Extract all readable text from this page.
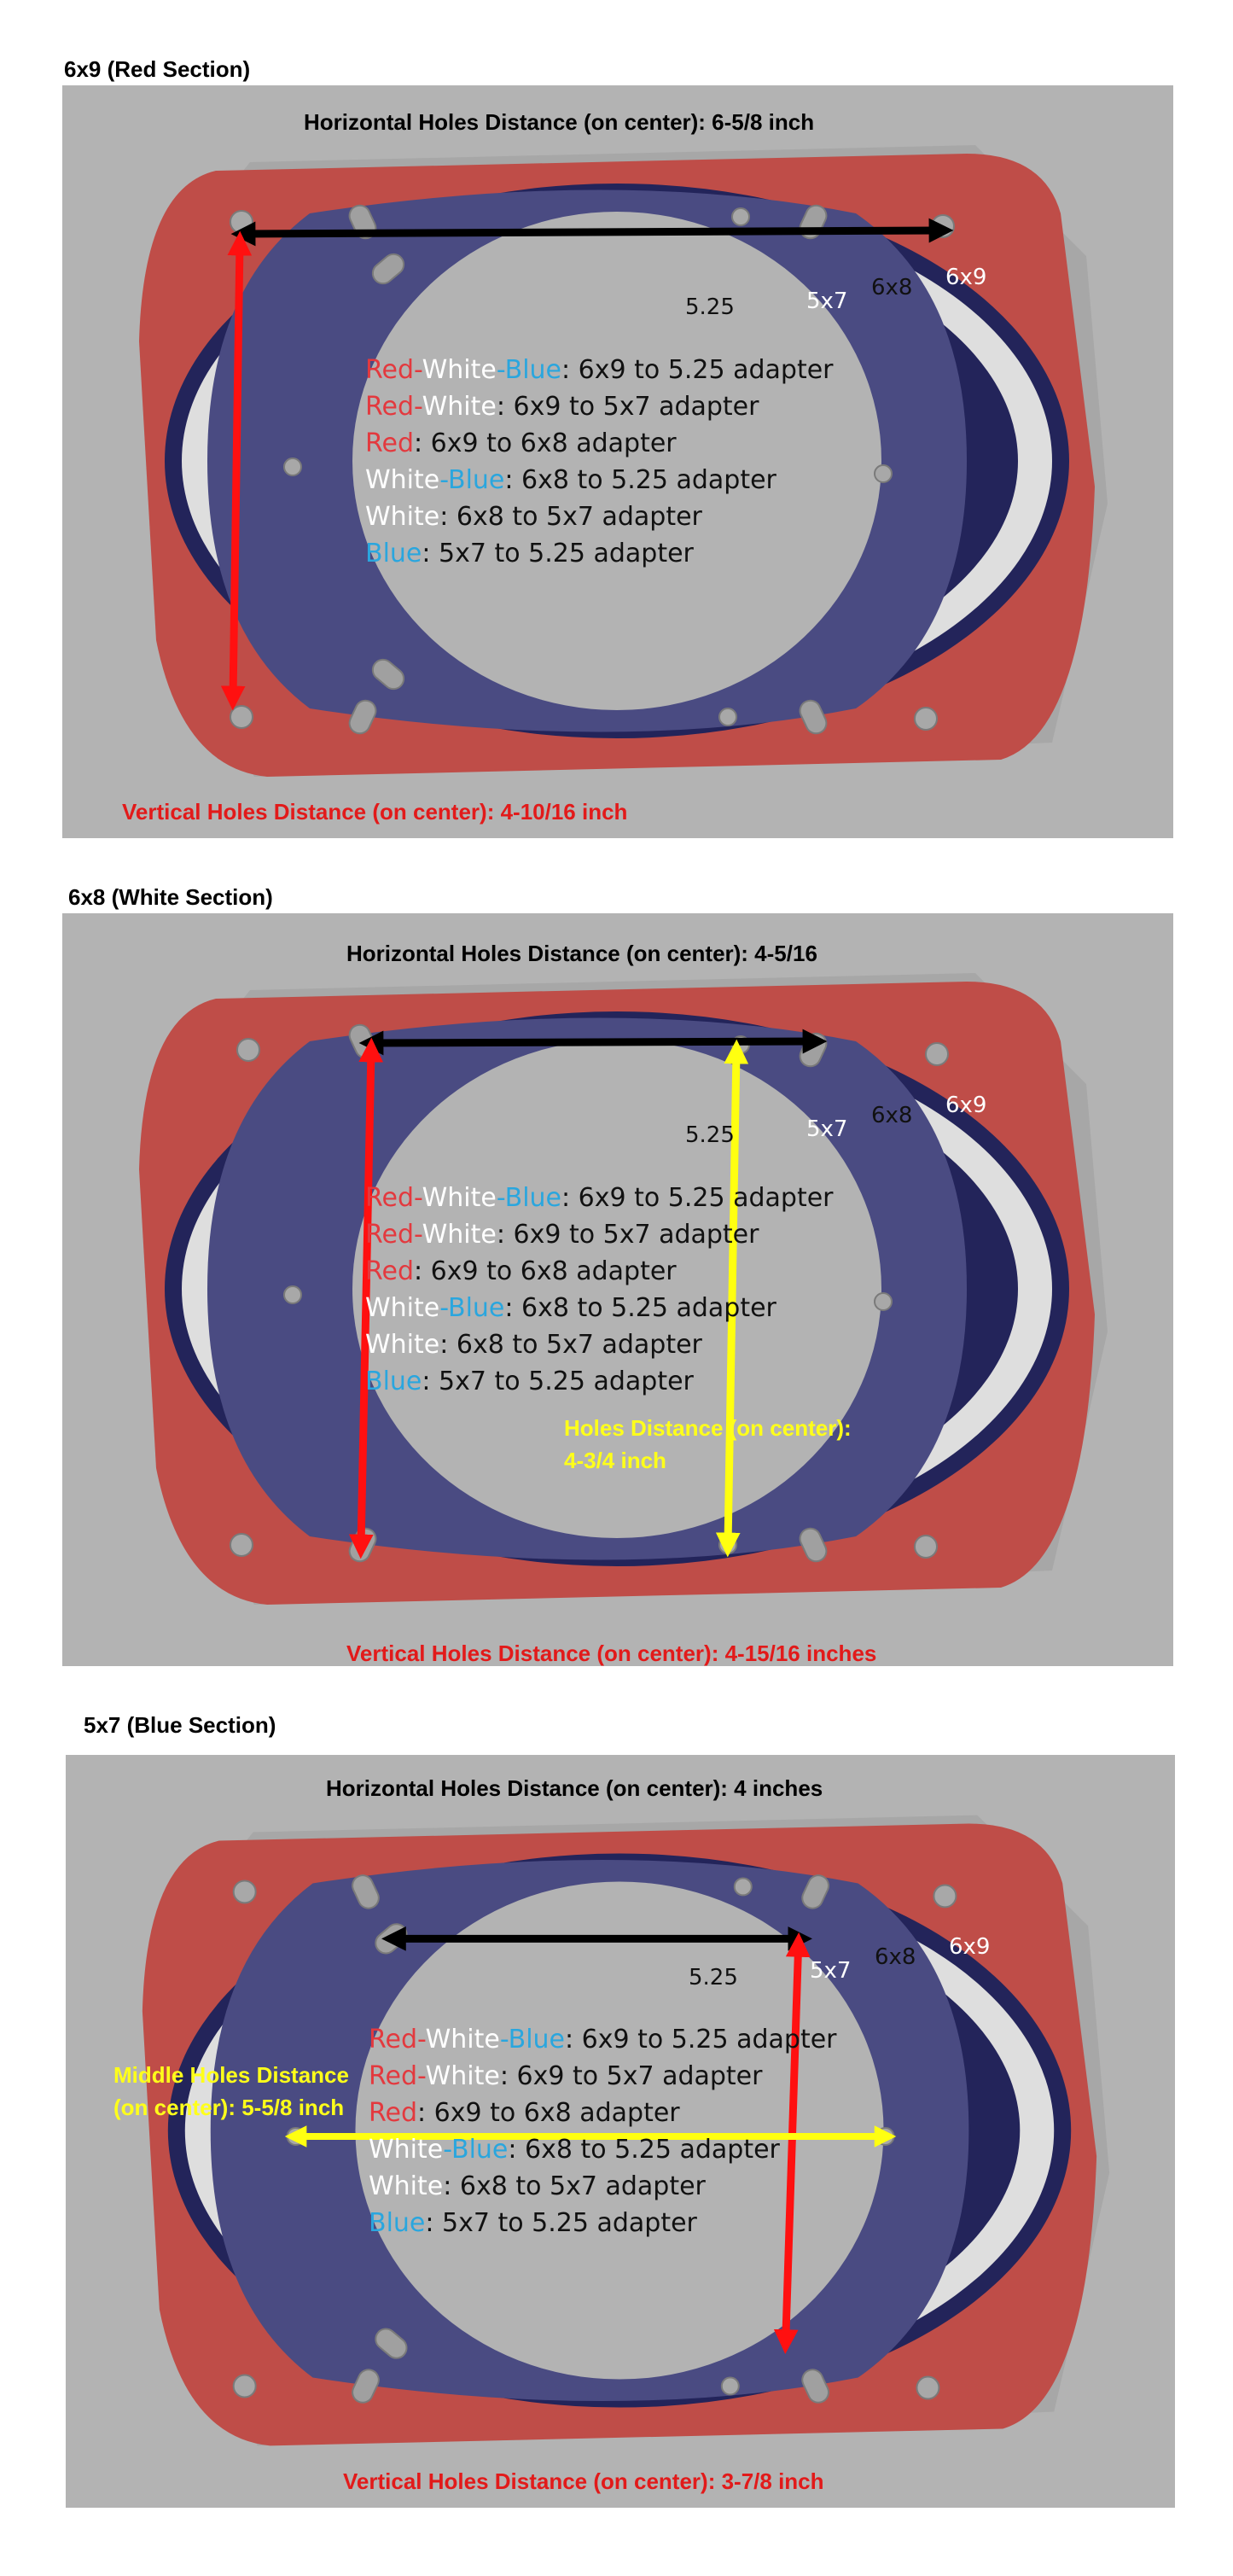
6x9 (Red Section)
Horizontal Holes Distance (on center): 6-5/8 inch
Vertical Holes Distance (on center): 4-10/16 inch
5.25	5x7
6x8 6x9
Red-White-Blue: 6x9 to 5.25 adapter
Red-White: 6x9 to 5x7 adapter
Red: 6x9 to 6x8 adapter
White-Blue: 6x8 to 5.25 adapter
White: 6x8 to 5x7 adapter
Blue: 5x7 to 5.25 adapter
6x8 (White Section)
Horizontal Holes Distance (on center): 4-5/16
Vertical Holes Distance (on center): 4-15/16 inches
Holes Distance (on center):
4-3/4 inch
5.25	5x7
6x8 6x9
Red-White-Blue: 6x9 to 5.25 adapter
Red-White: 6x9 to 5x7 adapter
Red: 6x9 to 6x8 adapter
White-Blue: 6x8 to 5.25 adapter
White: 6x8 to 5x7 adapter
Blue: 5x7 to 5.25 adapter
5x7 (Blue Section)
Horizontal Holes Distance (on center): 4 inches
Vertical Holes Distance (on center): 3-7/8 inch
Middle Holes Distance
(on center): 5-5/8 inch
5.25	5x7
6x8 6x9
Red-White-Blue: 6x9 to 5.25 adapter
Red-White: 6x9 to 5x7 adapter
Red: 6x9 to 6x8 adapter
White-Blue: 6x8 to 5.25 adapter
White: 6x8 to 5x7 adapter
Blue: 5x7 to 5.25 adapter
